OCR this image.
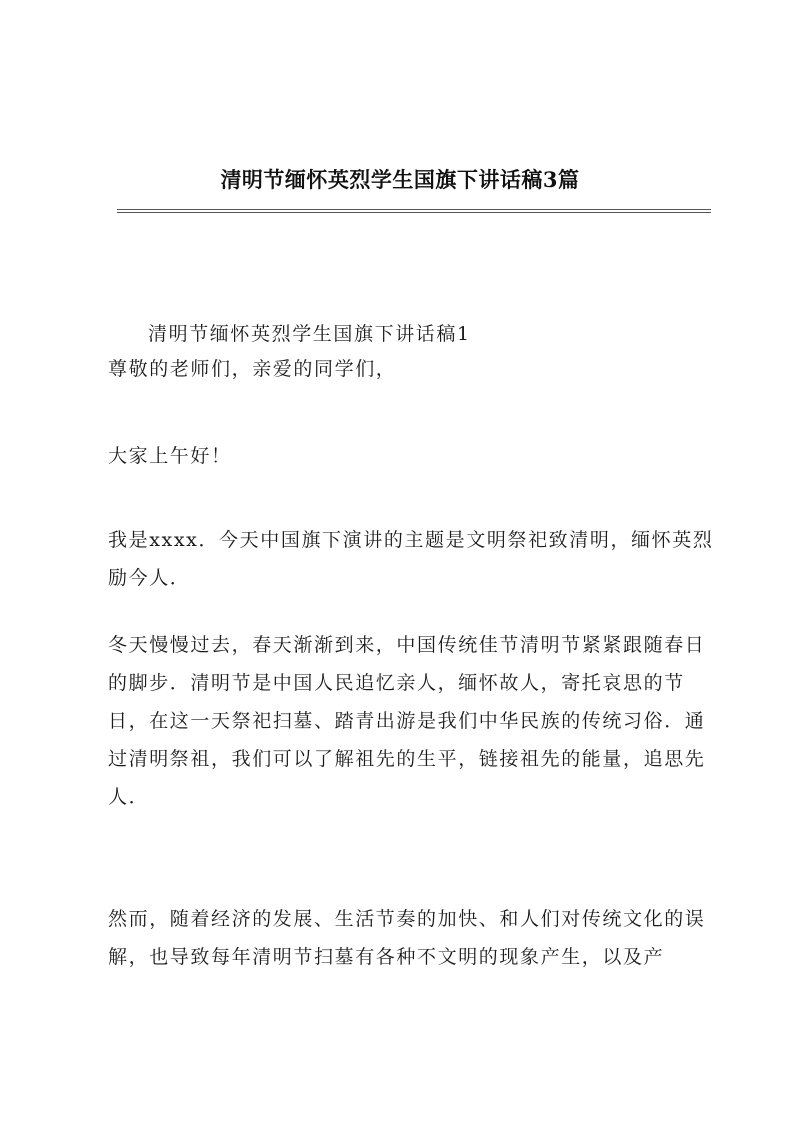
清明节缅怀英烈学生国旗下讲话稿3篇

清明节缅怀英烈学生国旗下讲话稿1

尊敬的老师们，亲爱的同学们，

大家上午好！

我是xxxx．今天中国旗下演讲的主题是文明祭祀致清明，缅怀英烈励今人．

冬天慢慢过去，春天渐渐到来，中国传统佳节清明节紧紧跟随春日的脚步．清明节是中国人民追忆亲人，缅怀故人，寄托哀思的节日，在这一天祭祀扫墓、踏青出游是我们中华民族的传统习俗．通过清明祭祖，我们可以了解祖先的生平，链接祖先的能量，追思先人．

然而，随着经济的发展、生活节奏的加快、和人们对传统文化的误解，也导致每年清明节扫墓有各种不文明的现象产生，以及产
